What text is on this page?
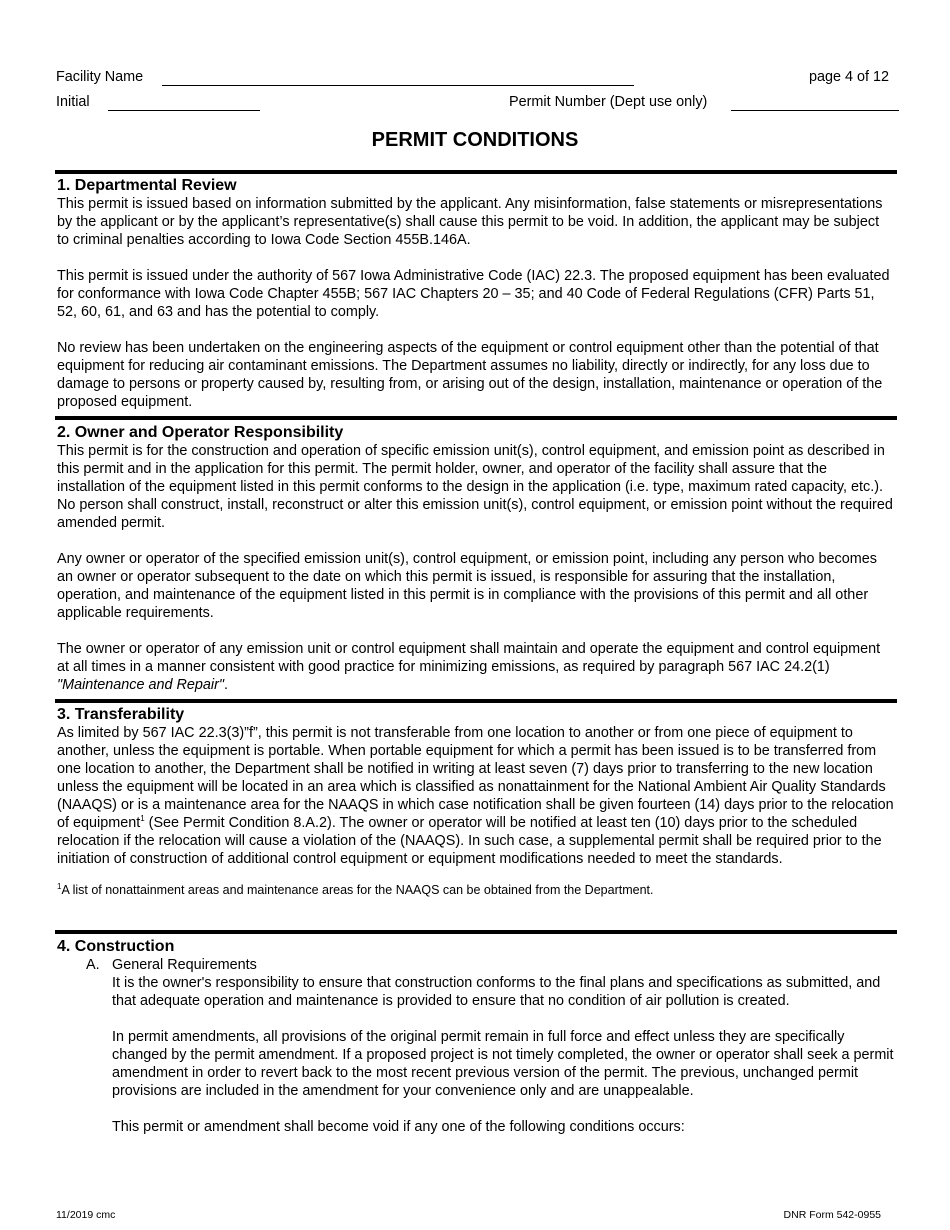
Facility Name	page 4 of 12
Initial	Permit Number (Dept use only)
PERMIT CONDITIONS
1. Departmental Review

This permit is issued based on information submitted by the applicant. Any misinformation, false statements or misrepresentations by the applicant or by the applicant’s representative(s) shall cause this permit to be void. In addition, the applicant may be subject to criminal penalties according to Iowa Code Section 455B.146A.

This permit is issued under the authority of 567 Iowa Administrative Code (IAC) 22.3. The proposed equipment has been evaluated for conformance with Iowa Code Chapter 455B; 567 IAC Chapters 20 – 35; and 40 Code of Federal Regulations (CFR) Parts 51, 52, 60, 61, and 63 and has the potential to comply.

No review has been undertaken on the engineering aspects of the equipment or control equipment other than the potential of that equipment for reducing air contaminant emissions. The Department assumes no liability, directly or indirectly, for any loss due to damage to persons or property caused by, resulting from, or arising out of the design, installation, maintenance or operation of the proposed equipment.

2. Owner and Operator Responsibility

This permit is for the construction and operation of specific emission unit(s), control equipment, and emission point as described in this permit and in the application for this permit. The permit holder, owner, and operator of the facility shall assure that the installation of the equipment listed in this permit conforms to the design in the application (i.e. type, maximum rated capacity, etc.). No person shall construct, install, reconstruct or alter this emission unit(s), control equipment, or emission point without the required amended permit.

Any owner or operator of the specified emission unit(s), control equipment, or emission point, including any person who becomes an owner or operator subsequent to the date on which this permit is issued, is responsible for assuring that the installation, operation, and maintenance of the equipment listed in this permit is in compliance with the provisions of this permit and all other applicable requirements.

The owner or operator of any emission unit or control equipment shall maintain and operate the equipment and control equipment at all times in a manner consistent with good practice for minimizing emissions, as required by paragraph 567 IAC 24.2(1) "Maintenance and Repair".

3. Transferability

As limited by 567 IAC 22.3(3)”f”, this permit is not transferable from one location to another or from one piece of equipment to another, unless the equipment is portable. When portable equipment for which a permit has been issued is to be transferred from one location to another, the Department shall be notified in writing at least seven (7) days prior to transferring to the new location unless the equipment will be located in an area which is classified as nonattainment for the National Ambient Air Quality Standards (NAAQS) or is a maintenance area for the NAAQS in which case notification shall be given fourteen (14) days prior to the relocation of equipment$^1$ (See Permit Condition 8.A.2). The owner or operator will be notified at least ten (10) days prior to the scheduled relocation if the relocation will cause a violation of the (NAAQS). In such case, a supplemental permit shall be required prior to the initiation of construction of additional control equipment or equipment modifications needed to meet the standards.

$^1$A list of nonattainment areas and maintenance areas for the NAAQS can be obtained from the Department.
4. Construction
A. General Requirements

It is the owner's responsibility to ensure that construction conforms to the final plans and specifications as submitted, and that adequate operation and maintenance is provided to ensure that no condition of air pollution is created.

In permit amendments, all provisions of the original permit remain in full force and effect unless they are specifically changed by the permit amendment. If a proposed project is not timely completed, the owner or operator shall seek a permit amendment in order to revert back to the most recent previous version of the permit. The previous, unchanged permit provisions are included in the amendment for your convenience only and are unappealable.

This permit or amendment shall become void if any one of the following conditions occurs:

11/2019 cmc	DNR Form 542-0955
